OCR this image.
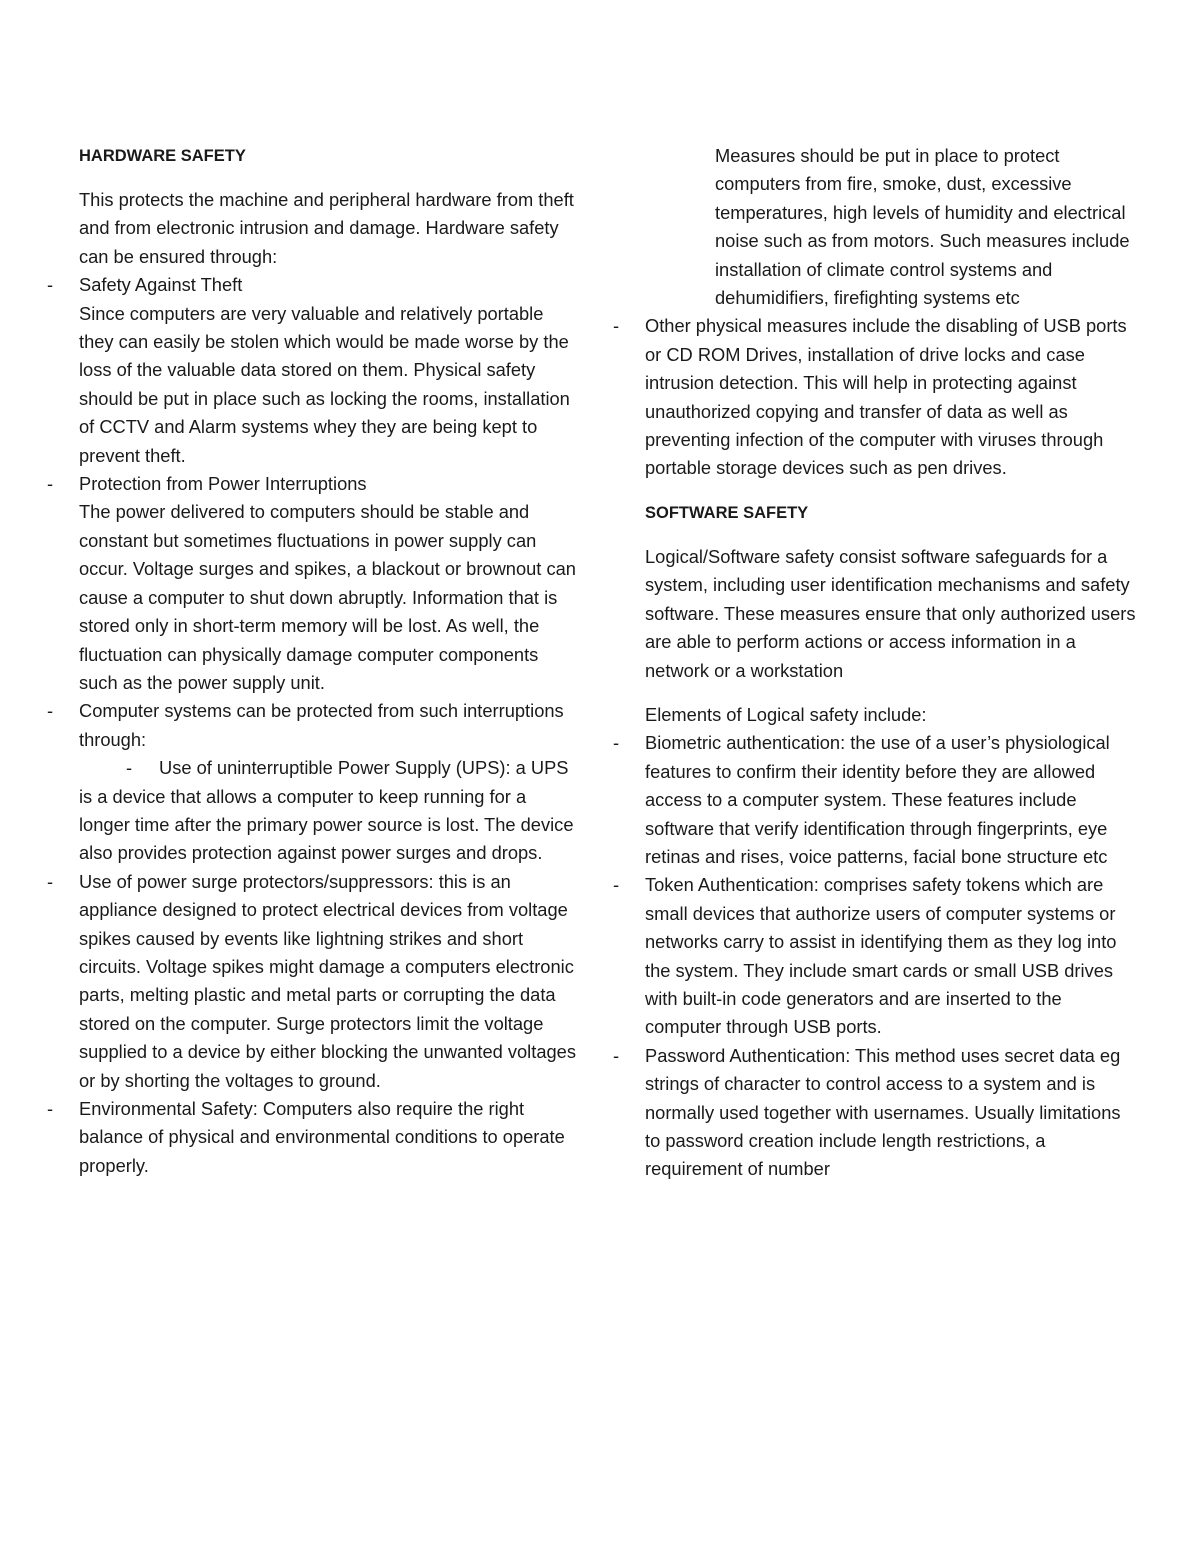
HARDWARE SAFETY

This protects the machine and peripheral hardware from theft and from electronic intrusion and damage. Hardware safety can be ensured through:

- Safety Against Theft
Since computers are very valuable and relatively portable they can easily be stolen which would be made worse by the loss of the valuable data stored on them. Physical safety should be put in place such as locking the rooms, installation of CCTV and Alarm systems whey they are being kept to prevent theft.
- Protection from Power Interruptions
The power delivered to computers should be stable and constant but sometimes fluctuations in power supply can occur. Voltage surges and spikes, a blackout or brownout can cause a computer to shut down abruptly. Information that is stored only in short-term memory will be lost. As well, the fluctuation can physically damage computer components such as the power supply unit.
- Computer systems can be protected from such interruptions through:

- Use of uninterruptible Power Supply (UPS): a UPS is a device that allows a computer to keep running for a longer time after the primary power source is lost. The device also provides protection against power surges and drops.

- Use of power surge protectors/suppressors: this is an appliance designed to protect electrical devices from voltage spikes caused by events like lightning strikes and short circuits. Voltage spikes might damage a computers electronic parts, melting plastic and metal parts or corrupting the data stored on the computer. Surge protectors limit the voltage supplied to a device by either blocking the unwanted voltages or by shorting the voltages to ground.
- Environmental Safety: Computers also require the right balance of physical and environmental conditions to operate properly.

Measures should be put in place to protect computers from fire, smoke, dust, excessive temperatures, high levels of humidity and electrical noise such as from motors. Such measures include installation of climate control systems and dehumidifiers, firefighting systems etc

- Other physical measures include the disabling of USB ports or CD ROM Drives, installation of drive locks and case intrusion detection. This will help in protecting against unauthorized copying and transfer of data as well as preventing infection of the computer with viruses through portable storage devices such as pen drives.

SOFTWARE SAFETY

Logical/Software safety consist software safeguards for a system, including user identification mechanisms and safety software. These measures ensure that only authorized users are able to perform actions or access information in a network or a workstation

Elements of Logical safety include:

- Biometric authentication: the use of a user’s physiological features to confirm their identity before they are allowed access to a computer system. These features include software that verify identification through fingerprints, eye retinas and rises, voice patterns, facial bone structure etc
- Token Authentication: comprises safety tokens which are small devices that authorize users of computer systems or networks carry to assist in identifying them as they log into the system. They include smart cards or small USB drives with built-in code generators and are inserted to the computer through USB ports.
- Password Authentication: This method uses secret data eg strings of character to control access to a system and is normally used together with usernames. Usually limitations to password creation include length restrictions, a requirement of number
